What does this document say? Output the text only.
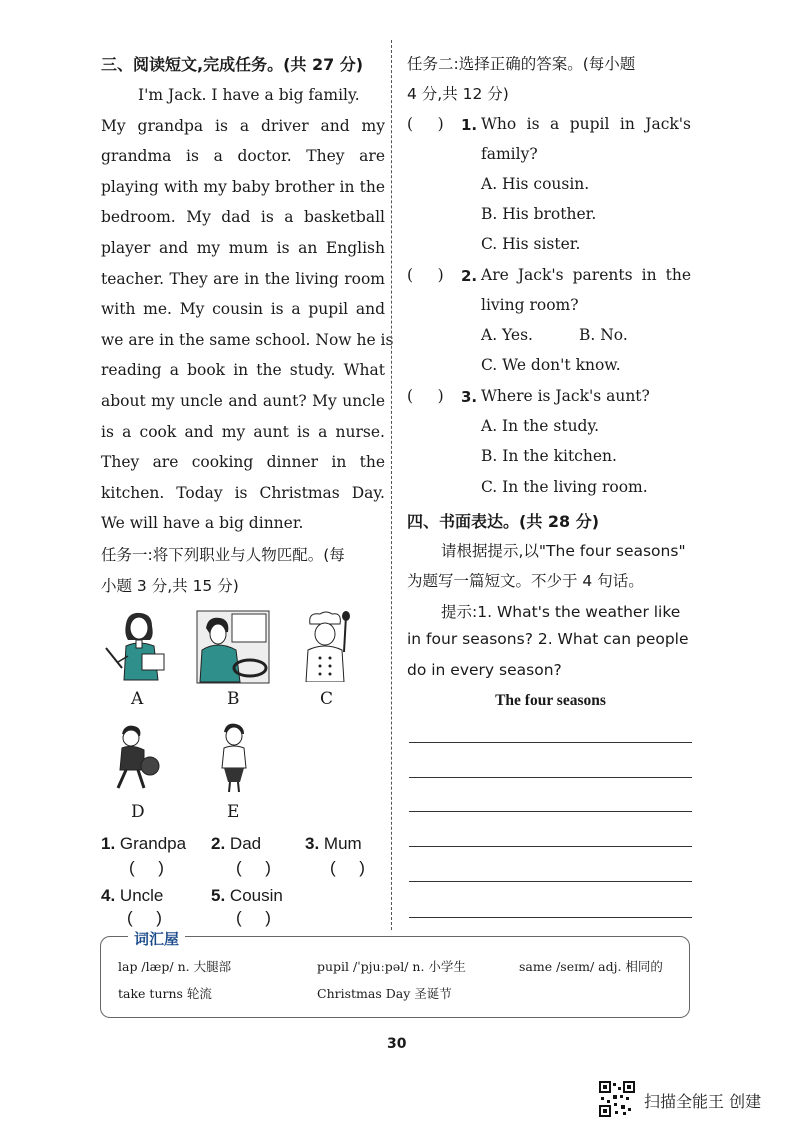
三、阅读短文,完成任务。(共 27 分)
I'm Jack. I have a big family.
My grandpa is a driver and my
grandma is a doctor. They are
playing with my baby brother in the
bedroom. My dad is a basketball
player and my mum is an English
teacher. They are in the living room
with me. My cousin is a pupil and
we are in the same school. Now he is
reading a book in the study. What
about my uncle and aunt? My uncle
is a cook and my aunt is a nurse.
They are cooking dinner in the
kitchen. Today is Christmas Day.
We will have a big dinner.
任务一:将下列职业与人物匹配。(每
小题 3 分,共 15 分)
A	B	C
D	E
1. Grandpa 2. Dad	3. Mum
(     )	(     )	(     )
4. Uncle	5. Cousin
(     )	(     )
任务二:选择正确的答案。(每小题
4 分,共 12 分)
(     ) 1. Who is a pupil in Jack's
family?
A. His cousin.
B. His brother.
C. His sister.
(     ) 2. Are Jack's parents in the
living room?
A. Yes.	B. No.
C. We don't know.
(     ) 3. Where is Jack's aunt?
A. In the study.
B. In the kitchen.
C. In the living room.
四、书面表达。(共 28 分)
请根据提示,以"The four seasons"
为题写一篇短文。不少于 4 句话。
提示:1. What's the weather like
in four seasons? 2. What can people
do in every season?
The four seasons
词汇屋
lap /læp/ n. 大腿部	pupil /ˈpjuːpəl/ n. 小学生	same /seɪm/ adj. 相同的
take turns 轮流	Christmas Day 圣诞节
30
扫描全能王 创建
